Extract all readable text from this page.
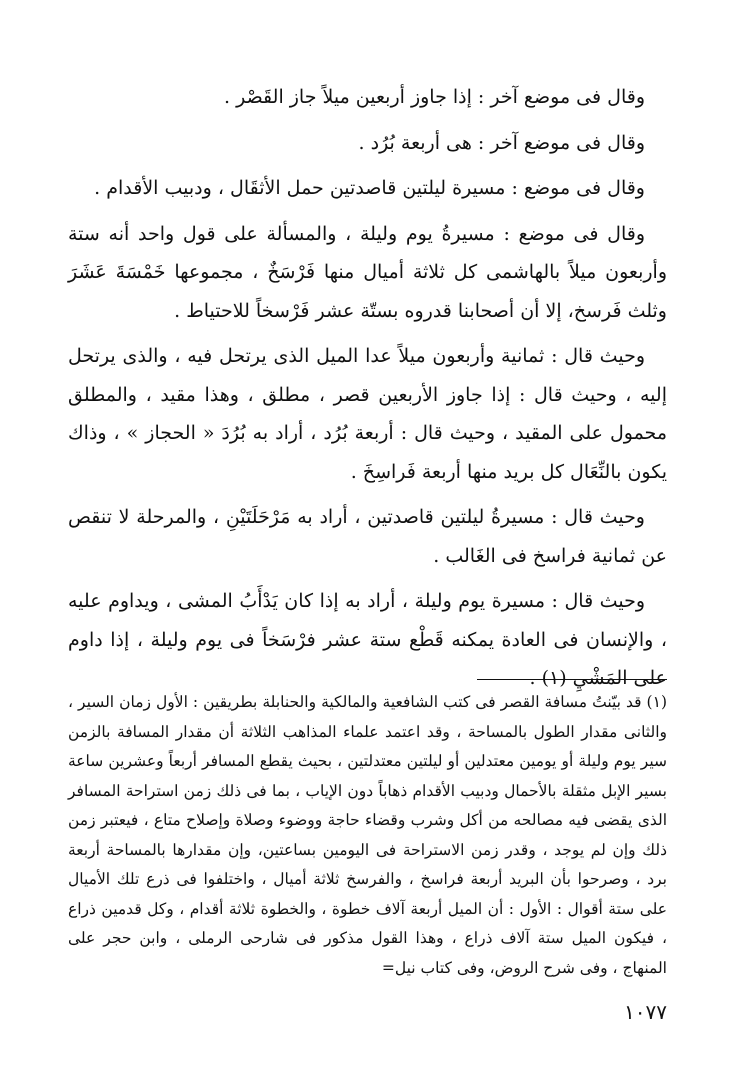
وقال فى موضع آخر : إذا جاوز أربعين ميلاً جاز القَصْر .

وقال فى موضع آخر : هى أربعة بُرُد .

وقال فى موضع : مسيرة ليلتين قاصدتين حمل الأثقَال ، ودبيب الأقدام .

وقال فى موضع : مسيرةُ يوم وليلة ، والمسألة على قول واحد أنه ستة وأربعون ميلاً بالهاشمى كل ثلاثة أميال منها فَرْسَخٌ ، مجموعها خَمْسَةَ عَشَرَ وثلث فَرسخ، إلا أن أصحابنا قدروه بستّة عشر فَرْسخاً للاحتياط .

وحيث قال : ثمانية وأربعون ميلاً عدا الميل الذى يرتحل فيه ، والذى يرتحل إليه ، وحيث قال : إذا جاوز الأربعين قصر ، مطلق ، وهذا مقيد ، والمطلق محمول على المقيد ، وحيث قال : أربعة بُرُد ، أراد به بُرُدَ « الحجاز » ، وذاك يكون بالنِّعَال كل بريد منها أربعة فَراسِخَ .

وحيث قال : مسيرةُ ليلتين قاصدتين ، أراد به مَرْحَلَتَيْنِ ، والمرحلة لا تنقص عن ثمانية فراسخ فى الغَالب .

وحيث قال : مسيرة يوم وليلة ، أراد به إذا كان يَدْأَبُ المشى ، ويداوم عليه ، والإنسان فى العادة يمكنه قَطْع ستة عشر فرْسَخاً فى يوم وليلة ، إذا داوم على المَشْيِ (١) .

(١) قد بيّنتُ مسافة القصر فى كتب الشافعية والمالكية والحنابلة بطريقين : الأول زمان السير ، والثانى مقدار الطول بالمساحة ، وقد اعتمد علماء المذاهب الثلاثة أن مقدار المسافة بالزمن سير يوم وليلة أو يومين معتدلين أو ليلتين معتدلتين ، بحيث يقطع المسافر أربعاً وعشرين ساعة بسير الإبل مثقلة بالأحمال ودبيب الأقدام ذهاباً دون الإياب ، بما فى ذلك زمن استراحة المسافر الذى يقضى فيه مصالحه من أكل وشرب وقضاء حاجة ووضوء وصلاة وإصلاح متاع ، فيعتبر زمن ذلك وإن لم يوجد ، وقدر زمن الاستراحة فى اليومين بساعتين، وإن مقدارها بالمساحة أربعة برد ، وصرحوا بأن البريد أربعة فراسخ ، والفرسخ ثلاثة أميال ، واختلفوا فى ذرع تلك الأميال على ستة أقوال : الأول : أن الميل أربعة آلاف خطوة ، والخطوة ثلاثة أقدام ، وكل قدمين ذراع ، فيكون الميل ستة آلاف ذراع ، وهذا القول مذكور فى شارحى الرملى ، وابن حجر على المنهاج ، وفى شرح الروض، وفى كتاب نيل=

١٠٧٧
